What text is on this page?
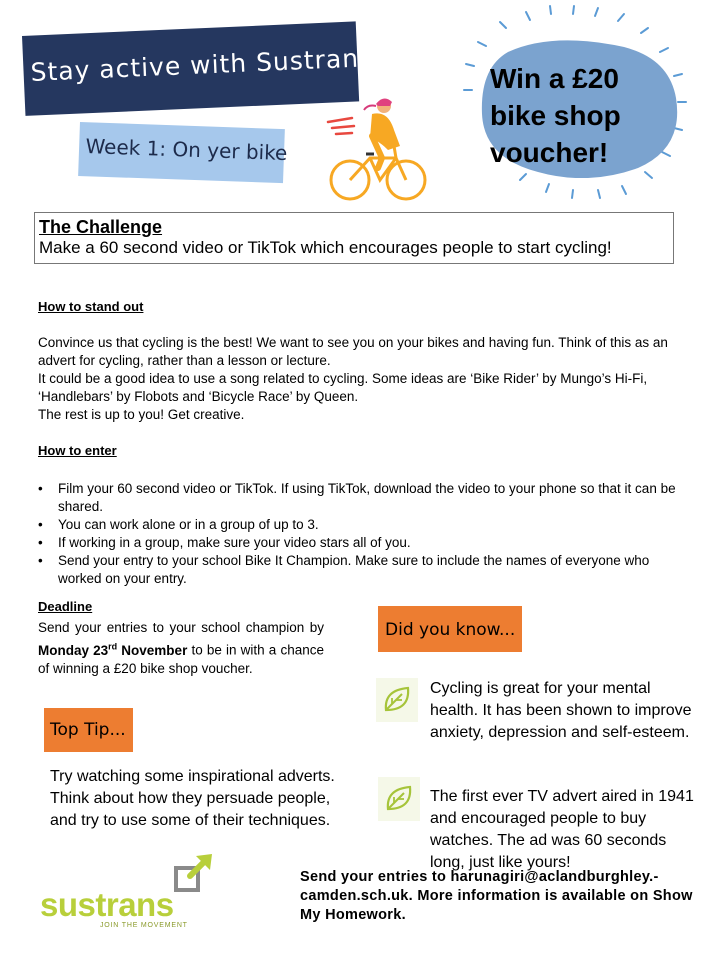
Stay active with Sustrans
Week 1: On yer bike
Win a £20
bike shop
voucher!
The Challenge
Make a 60 second video or TikTok which encourages people to start cycling!
How to stand out
Convince us that cycling is the best! We want to see you on your bikes and having fun. Think of this as an advert for cycling, rather than a lesson or lecture.
It could be a good idea to use a song related to cycling. Some ideas are ‘Bike Rider’ by Mungo’s Hi-Fi, ‘Handlebars’ by Flobots and ‘Bicycle Race’ by Queen.
The rest is up to you! Get creative.
How to enter
• Film your 60 second video or TikTok. If using TikTok, download the video to your phone so that it can be shared.
• You can work alone or in a group of up to 3.
• If working in a group, make sure your video stars all of you.
• Send your entry to your school Bike It Champion. Make sure to include the names of everyone who worked on your entry.
Deadline
Send your entries to your school champion by Monday 23rd November to be in with a chance of winning a £20 bike shop voucher.
Top Tip...
Try watching some inspirational adverts. Think about how they persuade people, and try to use some of their techniques.
Did you know...
Cycling is great for your mental health. It has been shown to improve anxiety, depression and self-esteem.
The first ever TV advert aired in 1941 and encouraged people to buy watches. The ad was 60 seconds long, just like yours!
sustrans
JOIN THE MOVEMENT
Send your entries to harunagiri@aclandburghley.-camden.sch.uk. More information is available on Show My Homework.
